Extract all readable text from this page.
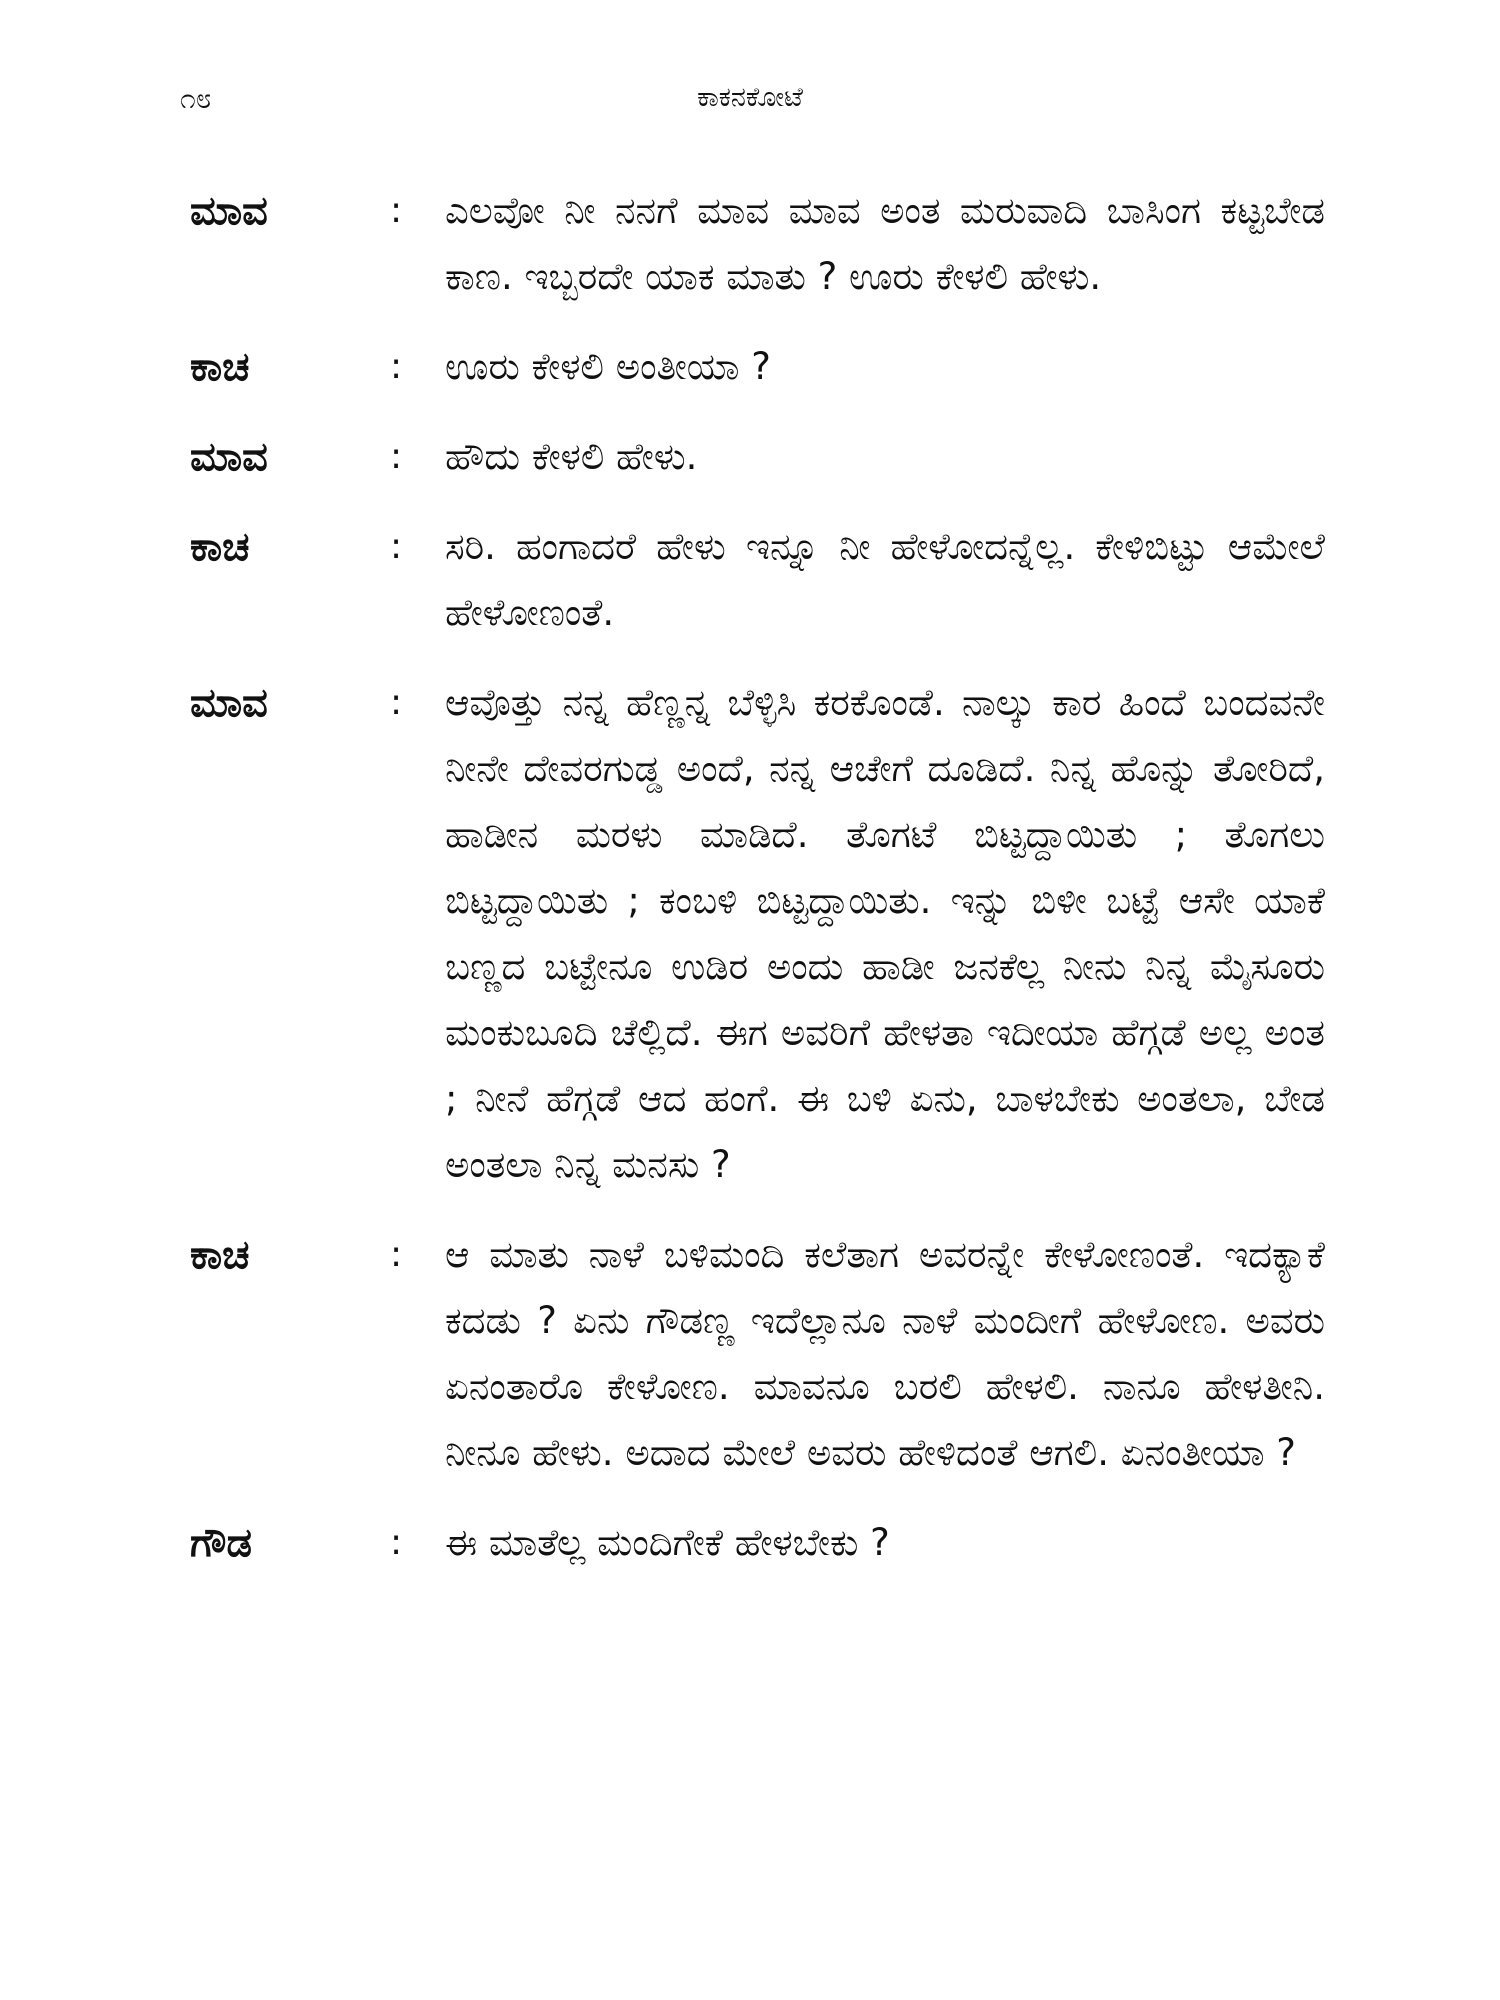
೧೮	ಕಾಕನಕೋಟೆ
ಮಾವ	:	ಎಲವೋ ನೀ ನನಗೆ ಮಾವ ಮಾವ ಅಂತ ಮರುವಾದಿ ಬಾಸಿಂಗ ಕಟ್ಟಬೇಡ ಕಾಣ. ಇಬ್ಬರದೇ ಯಾಕ ಮಾತು ? ಊರು ಕೇಳಲಿ ಹೇಳು.
ಕಾಚ	:	ಊರು ಕೇಳಲಿ ಅಂತೀಯಾ ?
ಮಾವ	:	ಹೌದು ಕೇಳಲಿ ಹೇಳು.
ಕಾಚ	:	ಸರಿ. ಹಂಗಾದರೆ ಹೇಳು ಇನ್ನೂ ನೀ ಹೇಳೋದನ್ನೆಲ್ಲ. ಕೇಳಿಬಿಟ್ಟು ಆಮೇಲೆ ಹೇಳೋಣಂತೆ.
ಮಾವ	:	ಆವೊತ್ತು ನನ್ನ ಹೆಣ್ಣನ್ನ ಬೆಳ್ಳಿಸಿ ಕರಕೊಂಡೆ. ನಾಲ್ಕು ಕಾರ ಹಿಂದೆ ಬಂದವನೇ ನೀನೇ ದೇವರಗುಡ್ಡ ಅಂದೆ, ನನ್ನ ಆಚೇಗೆ ದೂಡಿದೆ. ನಿನ್ನ ಹೊನ್ನು ತೋರಿದೆ, ಹಾಡೀನ ಮರಳು ಮಾಡಿದೆ. ತೊಗಟೆ ಬಿಟ್ಟದ್ದಾಯಿತು ; ತೊಗಲು ಬಿಟ್ಟದ್ದಾಯಿತು ; ಕಂಬಳಿ ಬಿಟ್ಟದ್ದಾಯಿತು. ಇನ್ನು ಬಿಳೀ ಬಟ್ಟೆ ಆಸೇ ಯಾಕೆ ಬಣ್ಣದ ಬಟ್ಟೇನೂ ಉಡಿರ ಅಂದು ಹಾಡೀ ಜನಕೆಲ್ಲ ನೀನು ನಿನ್ನ ಮೈಸೂರು ಮಂಕುಬೂದಿ ಚೆಲ್ಲಿದೆ. ಈಗ ಅವರಿಗೆ ಹೇಳತಾ ಇದೀಯಾ ಹೆಗ್ಗಡೆ ಅಲ್ಲ ಅಂತ ; ನೀನೆ ಹೆಗ್ಗಡೆ ಆದ ಹಂಗೆ. ಈ ಬಳಿ ಏನು, ಬಾಳಬೇಕು ಅಂತಲಾ, ಬೇಡ ಅಂತಲಾ ನಿನ್ನ ಮನಸು ?
ಕಾಚ	:	ಆ ಮಾತು ನಾಳೆ ಬಳಿಮಂದಿ ಕಲೆತಾಗ ಅವರನ್ನೇ ಕೇಳೋಣಂತೆ. ಇದಕ್ಯಾಕೆ ಕದಡು ? ಏನು ಗೌಡಣ್ಣ ಇದೆಲ್ಲಾನೂ ನಾಳೆ ಮಂದೀಗೆ ಹೇಳೋಣ. ಅವರು ಏನಂತಾರೊ ಕೇಳೋಣ. ಮಾವನೂ ಬರಲಿ ಹೇಳಲಿ. ನಾನೂ ಹೇಳತೀನಿ. ನೀನೂ ಹೇಳು. ಅದಾದ ಮೇಲೆ ಅವರು ಹೇಳಿದಂತೆ ಆಗಲಿ. ಏನಂತೀಯಾ ?
ಗೌಡ	:	ಈ ಮಾತೆಲ್ಲ ಮಂದಿಗೇಕೆ ಹೇಳಬೇಕು ?
